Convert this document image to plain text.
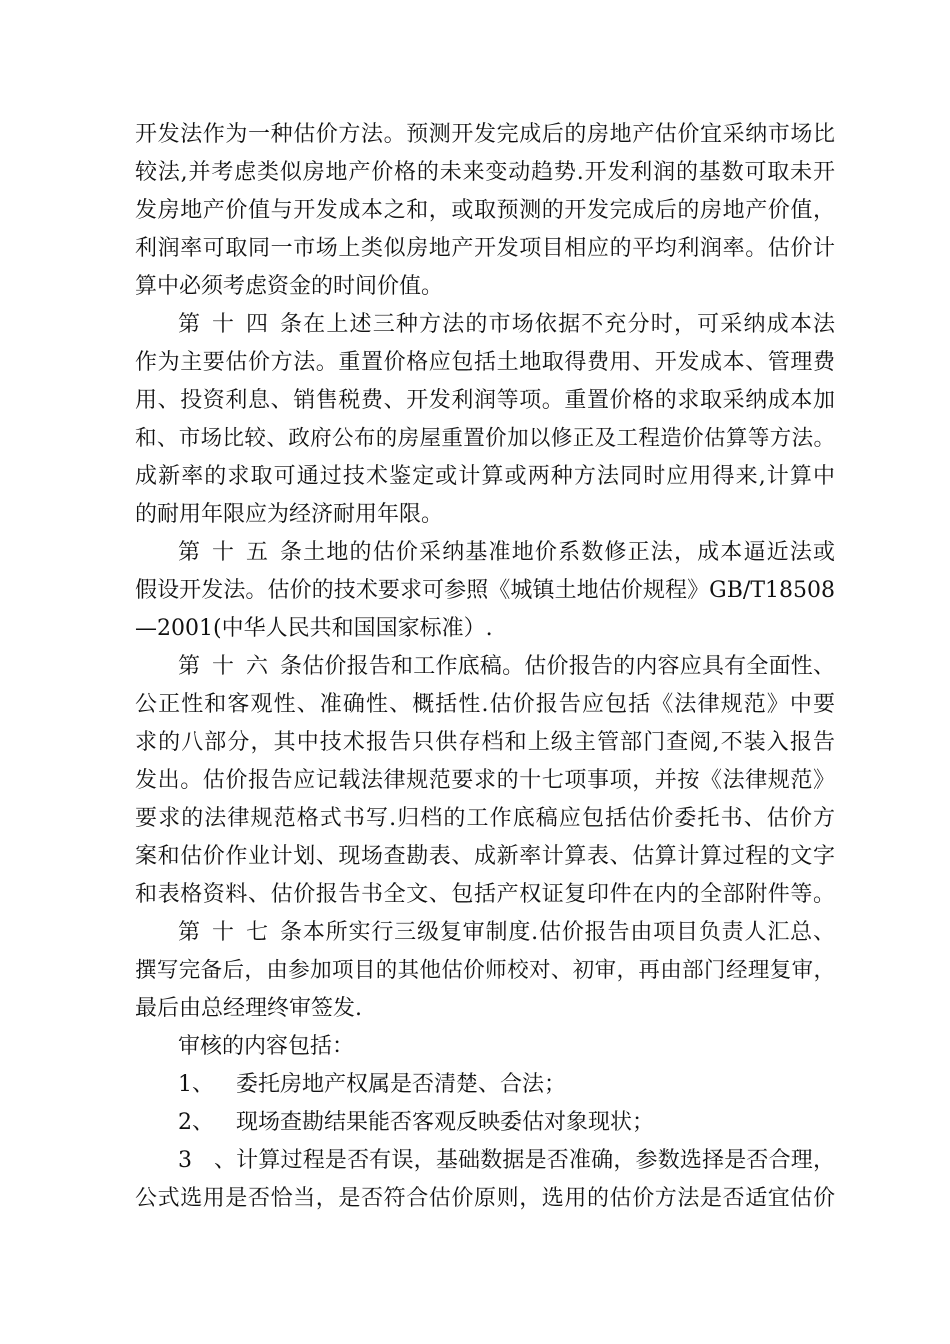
开发法作为一种估价方法。预测开发完成后的房地产估价宜采纳市场比
较法,并考虑类似房地产价格的未来变动趋势.开发利润的基数可取未开
发房地产价值与开发成本之和，或取预测的开发完成后的房地产价值，
利润率可取同一市场上类似房地产开发项目相应的平均利润率。估价计
算中必须考虑资金的时间价值。
第十四条在上述三种方法的市场依据不充分时，可采纳成本法
作为主要估价方法。重置价格应包括土地取得费用、开发成本、管理费
用、投资利息、销售税费、开发利润等项。重置价格的求取采纳成本加
和、市场比较、政府公布的房屋重置价加以修正及工程造价估算等方法。
成新率的求取可通过技术鉴定或计算或两种方法同时应用得来,计算中
的耐用年限应为经济耐用年限。
第十五条土地的估价采纳基准地价系数修正法，成本逼近法或
假设开发法。估价的技术要求可参照《城镇土地估价规程》GB/T18508
—2001(中华人民共和国国家标准）.
第十六条估价报告和工作底稿。估价报告的内容应具有全面性、
公正性和客观性、准确性、概括性.估价报告应包括《法律规范》中要
求的八部分，其中技术报告只供存档和上级主管部门查阅,不装入报告
发出。估价报告应记载法律规范要求的十七项事项，并按《法律规范》
要求的法律规范格式书写.归档的工作底稿应包括估价委托书、估价方
案和估价作业计划、现场查勘表、成新率计算表、估算计算过程的文字
和表格资料、估价报告书全文、包括产权证复印件在内的全部附件等。
第十七条本所实行三级复审制度.估价报告由项目负责人汇总、
撰写完备后，由参加项目的其他估价师校对、初审，再由部门经理复审，
最后由总经理终审签发.
审核的内容包括：
1、 委托房地产权属是否清楚、合法；
2、 现场查勘结果能否客观反映委估对象现状；
3、计算过程是否有误，基础数据是否准确，参数选择是否合理，
公式选用是否恰当，是否符合估价原则，选用的估价方法是否适宜估价
